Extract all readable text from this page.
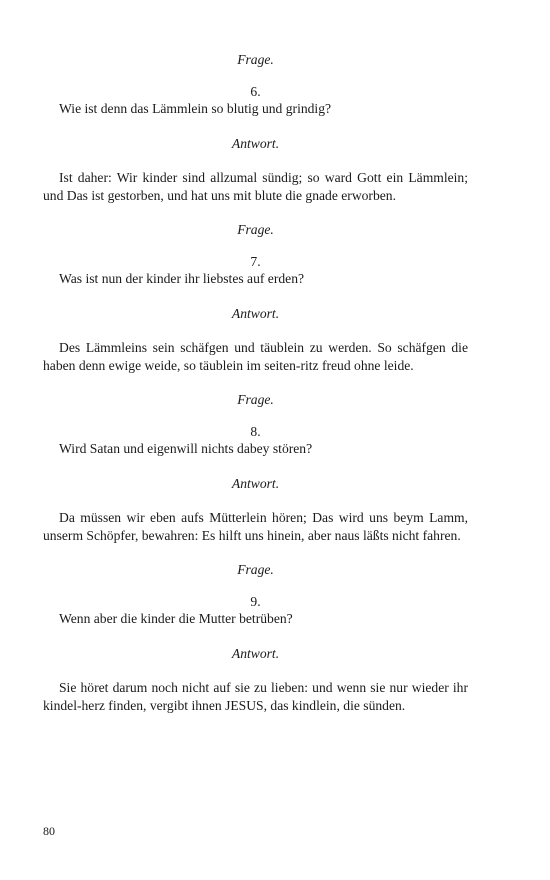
Frage.

6.

Wie ist denn das Lämmlein so blutig und grindig?

Antwort.

Ist daher: Wir kinder sind allzumal sündig; so ward Gott ein Lämmlein; und Das ist gestorben, und hat uns mit blute die gnade erworben.

Frage.

7.

Was ist nun der kinder ihr liebstes auf erden?

Antwort.

Des Lämmleins sein schäfgen und täublein zu werden. So schäfgen die haben denn ewige weide, so täublein im seiten-ritz freud ohne leide.

Frage.

8.

Wird Satan und eigenwill nichts dabey stören?

Antwort.

Da müssen wir eben aufs Mütterlein hören; Das wird uns beym Lamm, unserm Schöpfer, bewahren: Es hilft uns hinein, aber naus läßts nicht fahren.

Frage.

9.

Wenn aber die kinder die Mutter betrüben?

Antwort.

Sie höret darum noch nicht auf sie zu lieben: und wenn sie nur wieder ihr kindel-herz finden, vergibt ihnen JESUS, das kindlein, die sünden.

80
